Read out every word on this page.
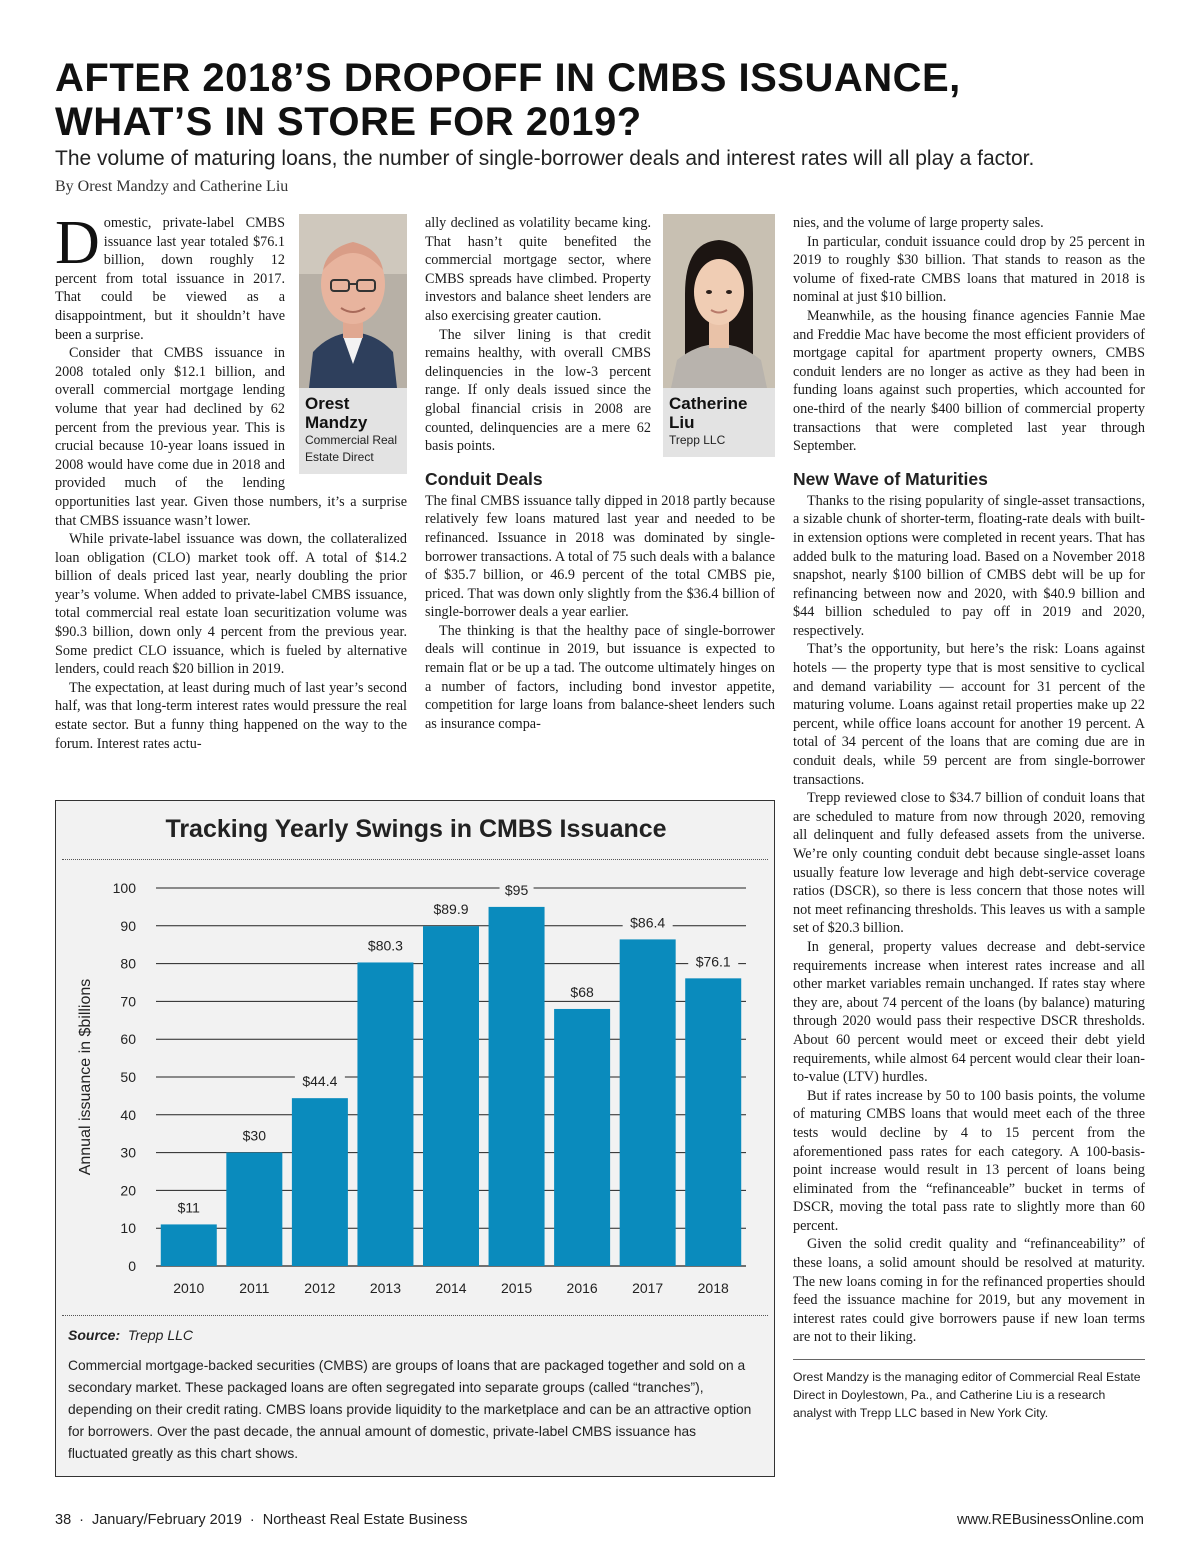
AFTER 2018’S DROPOFF IN CMBS ISSUANCE,
WHAT’S IN STORE FOR 2019?
The volume of maturing loans, the number of single-borrower deals and interest rates will all play a factor.
By Orest Mandzy and Catherine Liu
Orest
Mandzy
Commercial Real
Estate Direct

Domestic, private-label CMBS issuance last year totaled $76.1 billion, down roughly 12 percent from total issuance in 2017. That could be viewed as a disappointment, but it shouldn’t have been a surprise.

Consider that CMBS issuance in 2008 totaled only $12.1 billion, and overall commercial mortgage lending volume that year had declined by 62 percent from the previous year. This is crucial because 10-year loans issued in 2008 would have come due in 2018 and provided much of the lending opportunities last year. Given those numbers, it’s a surprise that CMBS issuance wasn’t lower.

While private-label issuance was down, the collateralized loan obligation (CLO) market took off. A total of $14.2 billion of deals priced last year, nearly doubling the prior year’s volume. When added to private-label CMBS issuance, total commercial real estate loan securitization volume was $90.3 billion, down only 4 percent from the previous year. Some predict CLO issuance, which is fueled by alternative lenders, could reach $20 billion in 2019.

The expectation, at least during much of last year’s second half, was that long-term interest rates would pressure the real estate sector. But a funny thing happened on the way to the forum. Interest rates actu-

Catherine
Liu
Trepp LLC

ally declined as volatility became king. That hasn’t quite benefited the commercial mortgage sector, where CMBS spreads have climbed. Property investors and balance sheet lenders are also exercising greater caution.

The silver lining is that credit remains healthy, with overall CMBS delinquencies in the low-3 percent range. If only deals issued since the global financial crisis in 2008 are counted, delinquencies are a mere 62 basis points.

Conduit Deals

The final CMBS issuance tally dipped in 2018 partly because relatively few loans matured last year and needed to be refinanced. Issuance in 2018 was dominated by single-borrower transactions. A total of 75 such deals with a balance of $35.7 billion, or 46.9 percent of the total CMBS pie, priced. That was down only slightly from the $36.4 billion of single-borrower deals a year earlier.

The thinking is that the healthy pace of single-borrower deals will continue in 2019, but issuance is expected to remain flat or be up a tad. The outcome ultimately hinges on a number of factors, including bond investor appetite, competition for large loans from balance-sheet lenders such as insurance compa-

nies, and the volume of large property sales.

In particular, conduit issuance could drop by 25 percent in 2019 to roughly $30 billion. That stands to reason as the volume of fixed-rate CMBS loans that matured in 2018 is nominal at just $10 billion.

Meanwhile, as the housing finance agencies Fannie Mae and Freddie Mac have become the most efficient providers of mortgage capital for apartment property owners, CMBS conduit lenders are no longer as active as they had been in funding loans against such properties, which accounted for one-third of the nearly $400 billion of commercial property transactions that were completed last year through September.

New Wave of Maturities

Thanks to the rising popularity of single-asset transactions, a sizable chunk of shorter-term, floating-rate deals with built-in extension options were completed in recent years. That has added bulk to the maturing load. Based on a November 2018 snapshot, nearly $100 billion of CMBS debt will be up for refinancing between now and 2020, with $40.9 billion and $44 billion scheduled to pay off in 2019 and 2020, respectively.

That’s the opportunity, but here’s the risk: Loans against hotels — the property type that is most sensitive to cyclical and demand variability — account for 31 percent of the maturing volume. Loans against retail properties make up 22 percent, while office loans account for another 19 percent. A total of 34 percent of the loans that are coming due are in conduit deals, while 59 percent are from single-borrower transactions.

Trepp reviewed close to $34.7 billion of conduit loans that are scheduled to mature from now through 2020, removing all delinquent and fully defeased assets from the universe. We’re only counting conduit debt because single-asset loans usually feature low leverage and high debt-service coverage ratios (DSCR), so there is less concern that those notes will not meet refinancing thresholds. This leaves us with a sample set of $20.3 billion.

In general, property values decrease and debt-service requirements increase when interest rates increase and all other market variables remain unchanged. If rates stay where they are, about 74 percent of the loans (by balance) maturing through 2020 would pass their respective DSCR thresholds. About 60 percent would meet or exceed their debt yield requirements, while almost 64 percent would clear their loan-to-value (LTV) hurdles.

But if rates increase by 50 to 100 basis points, the volume of maturing CMBS loans that would meet each of the three tests would decline by 4 to 15 percent from the aforementioned pass rates for each category. A 100-basis-point increase would result in 13 percent of loans being eliminated from the “refinanceable” bucket in terms of DSCR, moving the total pass rate to slightly more than 60 percent.

Given the solid credit quality and “refinanceability” of these loans, a solid amount should be resolved at maturity. The new loans coming in for the refinanced properties should feed the issuance machine for 2019, but any movement in interest rates could give borrowers pause if new loan terms are not to their liking.

Orest Mandzy is the managing editor of Commercial Real Estate Direct in Doylestown, Pa., and Catherine Liu is a research analyst with Trepp LLC based in New York City.
Tracking Yearly Swings in CMBS Issuance
0
10
20
30
40
50
60
70
80
90
100
Annual issuance in $billions
$11
2010
$30
2011
$44.4
2012
$80.3
2013
$89.9
2014
$95
2015
$68
2016
$86.4
2017
$76.1
2018
Source: Trepp LLC
Commercial mortgage-backed securities (CMBS) are groups of loans that are packaged together and sold on a secondary market. These packaged loans are often segregated into separate groups (called “tranches”), depending on their credit rating. CMBS loans provide liquidity to the marketplace and can be an attractive option for borrowers. Over the past decade, the annual amount of domestic, private-label CMBS issuance has fluctuated greatly as this chart shows.
38 · January/February 2019 · Northeast Real Estate Business	www.REBusinessOnline.com
